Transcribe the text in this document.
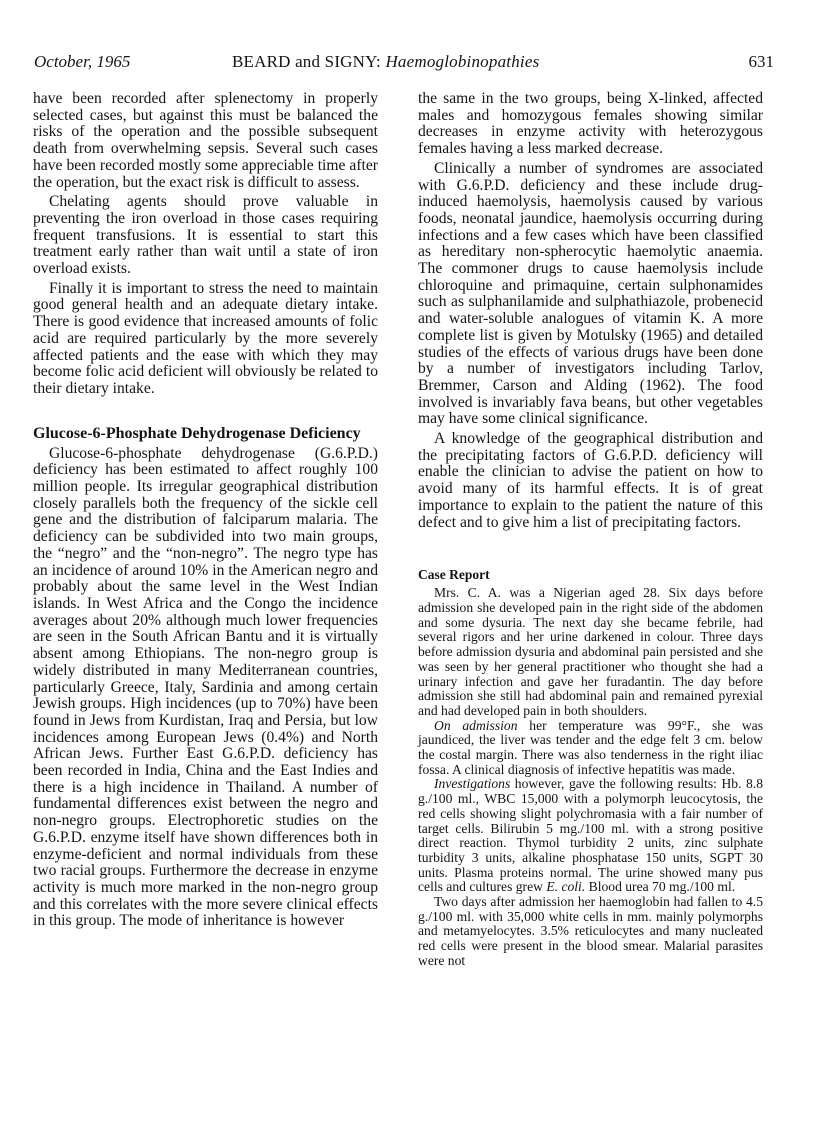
October, 1965	BEARD and SIGNY: Haemoglobinopathies	631

have been recorded after splenectomy in properly selected cases, but against this must be balanced the risks of the operation and the possible subsequent death from overwhelming sepsis. Several such cases have been recorded mostly some appreciable time after the operation, but the exact risk is difficult to assess.

Chelating agents should prove valuable in preventing the iron overload in those cases requiring frequent transfusions. It is essential to start this treatment early rather than wait until a state of iron overload exists.

Finally it is important to stress the need to maintain good general health and an adequate dietary intake. There is good evidence that increased amounts of folic acid are required particularly by the more severely affected patients and the ease with which they may become folic acid deficient will obviously be related to their dietary intake.

Glucose-6-Phosphate Dehydrogenase Deficiency

Glucose-6-phosphate dehydrogenase (G.6.P.D.) deficiency has been estimated to affect roughly 100 million people. Its irregular geographical distribution closely parallels both the frequency of the sickle cell gene and the distribution of falciparum malaria. The deficiency can be subdivided into two main groups, the “negro” and the “non-negro”. The negro type has an incidence of around 10% in the American negro and probably about the same level in the West Indian islands. In West Africa and the Congo the incidence averages about 20% although much lower frequencies are seen in the South African Bantu and it is virtually absent among Ethiopians. The non-negro group is widely distributed in many Mediterranean countries, particularly Greece, Italy, Sardinia and among certain Jewish groups. High incidences (up to 70%) have been found in Jews from Kurdistan, Iraq and Persia, but low incidences among European Jews (0.4%) and North African Jews. Further East G.6.P.D. deficiency has been recorded in India, China and the East Indies and there is a high incidence in Thailand. A number of fundamental differences exist between the negro and non-negro groups. Electrophoretic studies on the G.6.P.D. enzyme itself have shown differences both in enzyme-deficient and normal individuals from these two racial groups. Furthermore the decrease in enzyme activity is much more marked in the non-negro group and this correlates with the more severe clinical effects in this group. The mode of inheritance is however

the same in the two groups, being X-linked, affected males and homozygous females showing similar decreases in enzyme activity with heterozygous females having a less marked decrease.

Clinically a number of syndromes are associated with G.6.P.D. deficiency and these include drug-induced haemolysis, haemolysis caused by various foods, neonatal jaundice, haemolysis occurring during infections and a few cases which have been classified as hereditary non-spherocytic haemolytic anaemia. The commoner drugs to cause haemolysis include chloroquine and primaquine, certain sulphonamides such as sulphanilamide and sulphathiazole, probenecid and water-soluble analogues of vitamin K. A more complete list is given by Motulsky (1965) and detailed studies of the effects of various drugs have been done by a number of investigators including Tarlov, Bremmer, Carson and Alding (1962). The food involved is invariably fava beans, but other vegetables may have some clinical significance.

A knowledge of the geographical distribution and the precipitating factors of G.6.P.D. deficiency will enable the clinician to advise the patient on how to avoid many of its harmful effects. It is of great importance to explain to the patient the nature of this defect and to give him a list of precipitating factors.

Case Report

Mrs. C. A. was a Nigerian aged 28. Six days before admission she developed pain in the right side of the abdomen and some dysuria. The next day she became febrile, had several rigors and her urine darkened in colour. Three days before admission dysuria and abdominal pain persisted and she was seen by her general practitioner who thought she had a urinary infection and gave her furadantin. The day before admission she still had abdominal pain and remained pyrexial and had developed pain in both shoulders.

On admission her temperature was 99°F., she was jaundiced, the liver was tender and the edge felt 3 cm. below the costal margin. There was also tenderness in the right iliac fossa. A clinical diagnosis of infective hepatitis was made.

Investigations however, gave the following results: Hb. 8.8 g./100 ml., WBC 15,000 with a polymorph leucocytosis, the red cells showing slight polychromasia with a fair number of target cells. Bilirubin 5 mg./100 ml. with a strong positive direct reaction. Thymol turbidity 2 units, zinc sulphate turbidity 3 units, alkaline phosphatase 150 units, SGPT 30 units. Plasma proteins normal. The urine showed many pus cells and cultures grew E. coli. Blood urea 70 mg./100 ml.

Two days after admission her haemoglobin had fallen to 4.5 g./100 ml. with 35,000 white cells in mm. mainly polymorphs and metamyelocytes. 3.5% reticulocytes and many nucleated red cells were present in the blood smear. Malarial parasites were not
